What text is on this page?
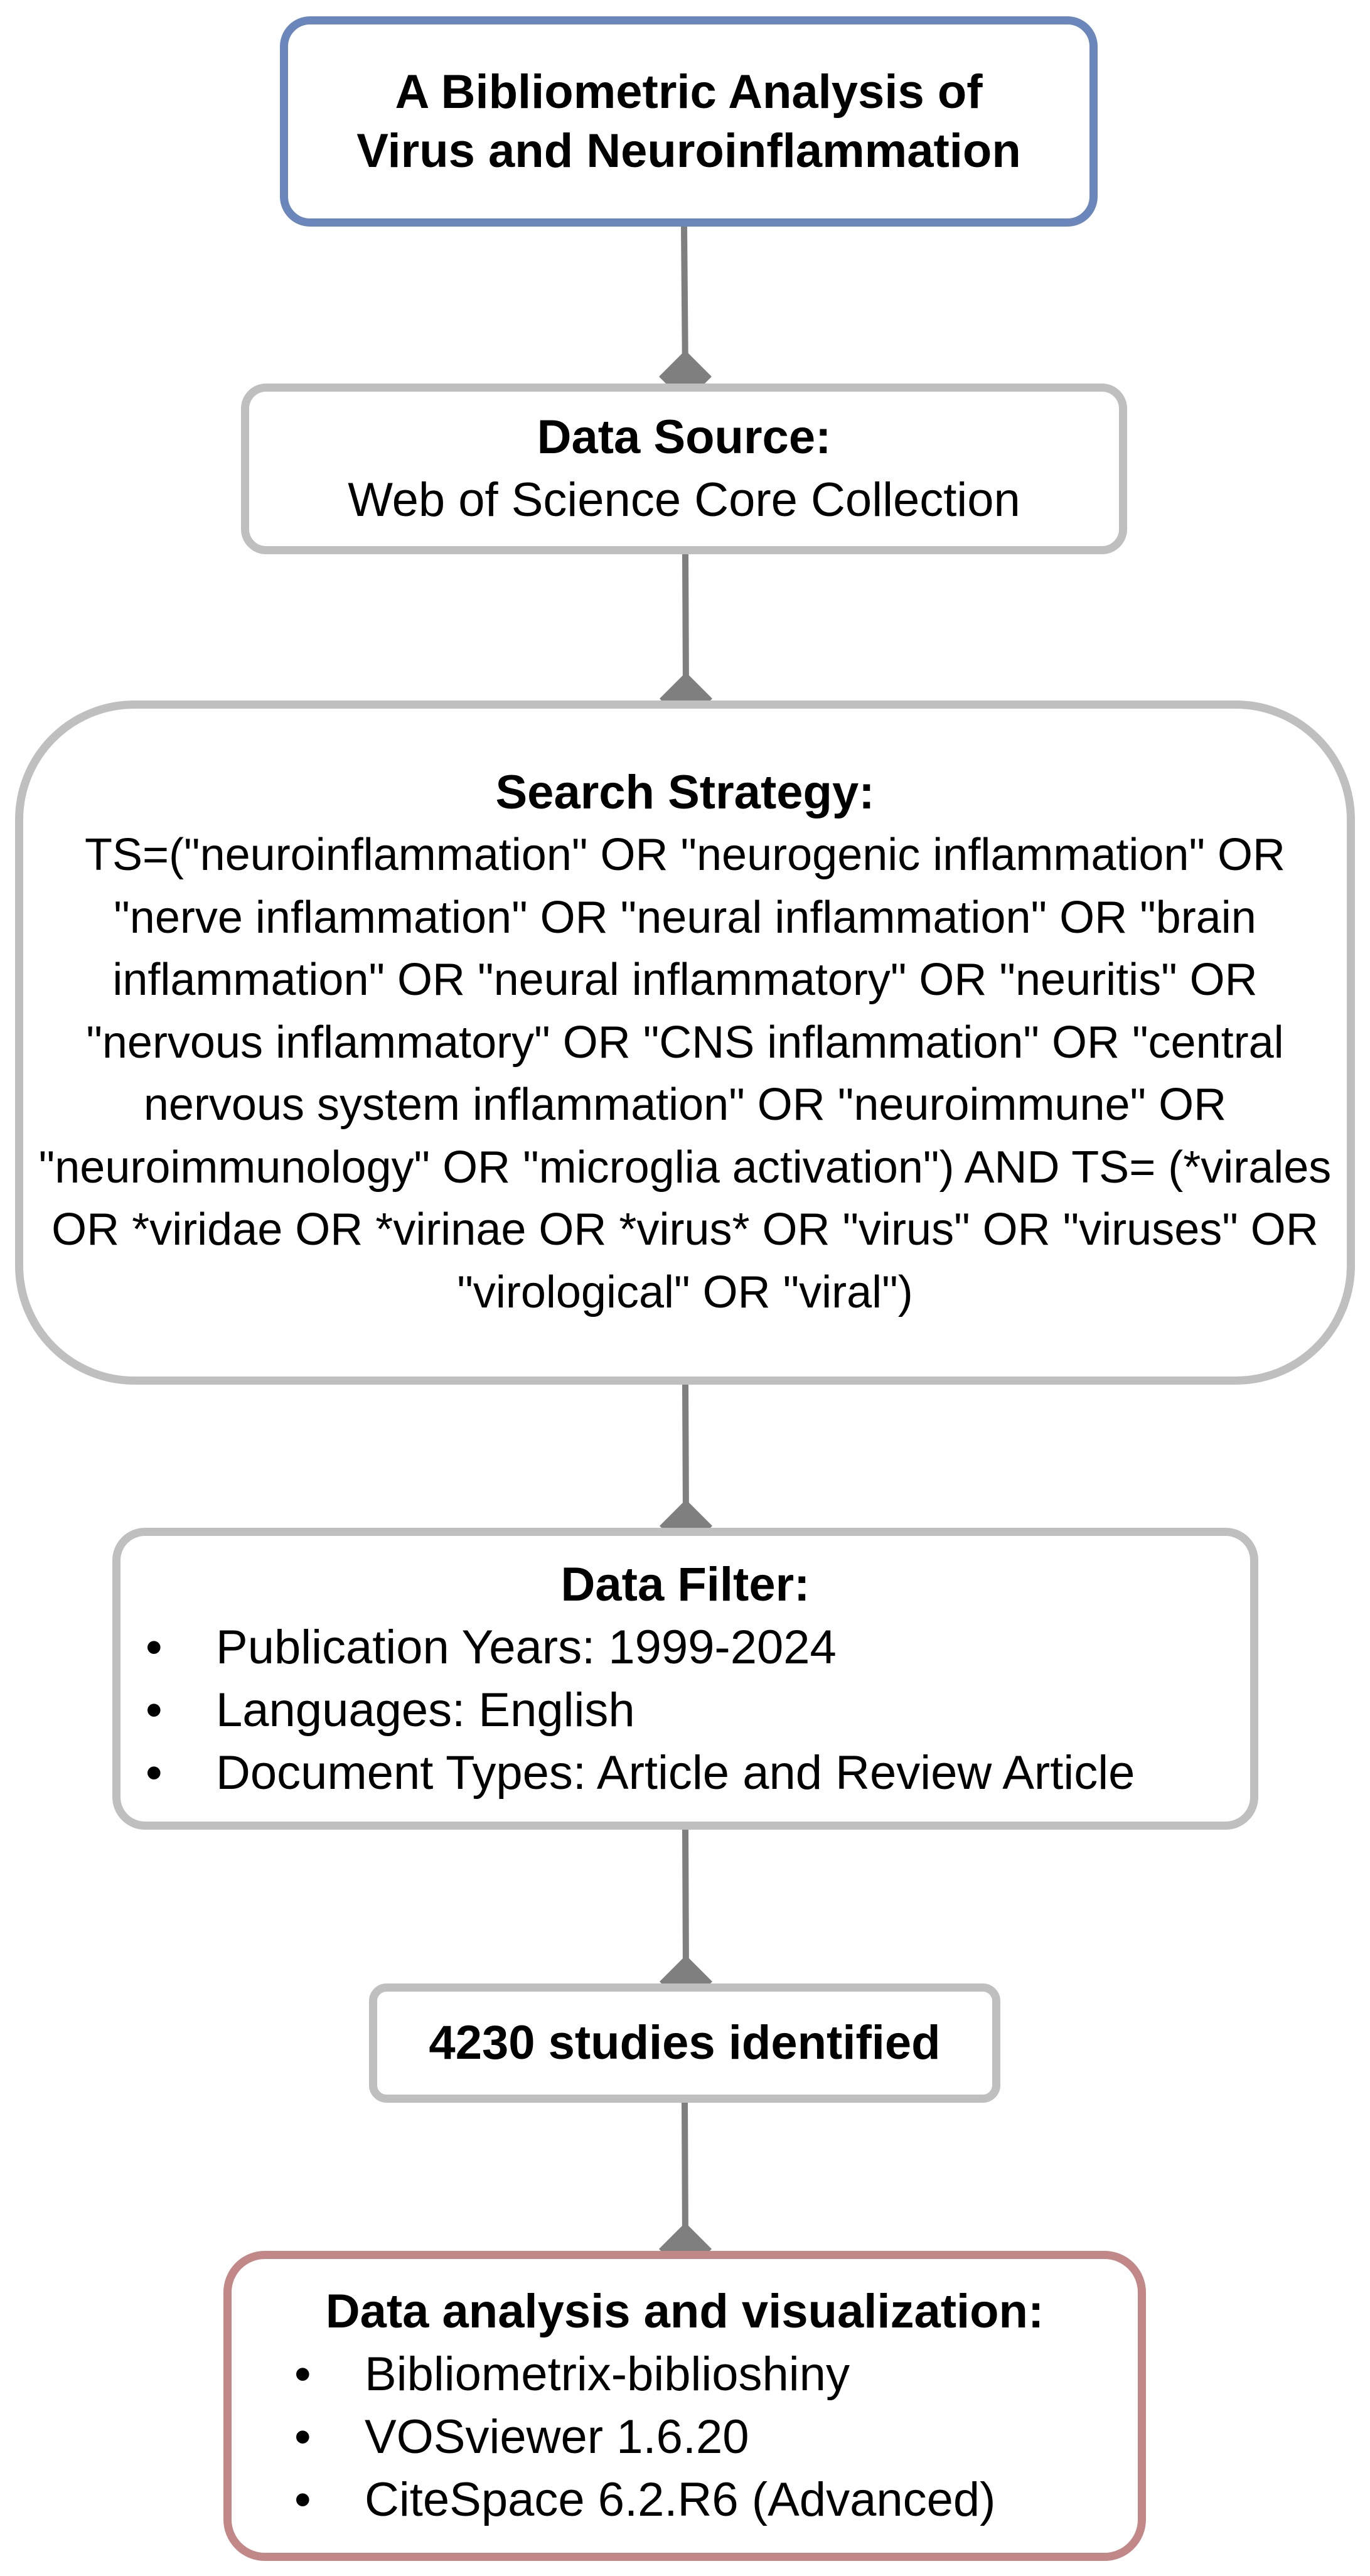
A Bibliometric Analysis of
Virus and Neuroinflammation
Data Source:
Web of Science Core Collection
Search Strategy:
TS=("neuroinflammation" OR "neurogenic inflammation" OR "nerve inflammation" OR "neural inflammation" OR "brain inflammation" OR "neural inflammatory" OR "neuritis" OR "nervous inflammatory" OR "CNS inflammation" OR "central nervous system inflammation" OR "neuroimmune" OR "neuroimmunology" OR "microglia activation") AND TS= (*virales OR *viridae OR *virinae OR *virus* OR "virus" OR "viruses" OR "virological" OR "viral")
Data Filter:
• Publication Years: 1999-2024
• Languages: English
• Document Types: Article and Review Article
4230 studies identified
Data analysis and visualization:
• Bibliometrix-biblioshiny
• VOSviewer 1.6.20
• CiteSpace 6.2.R6 (Advanced)
